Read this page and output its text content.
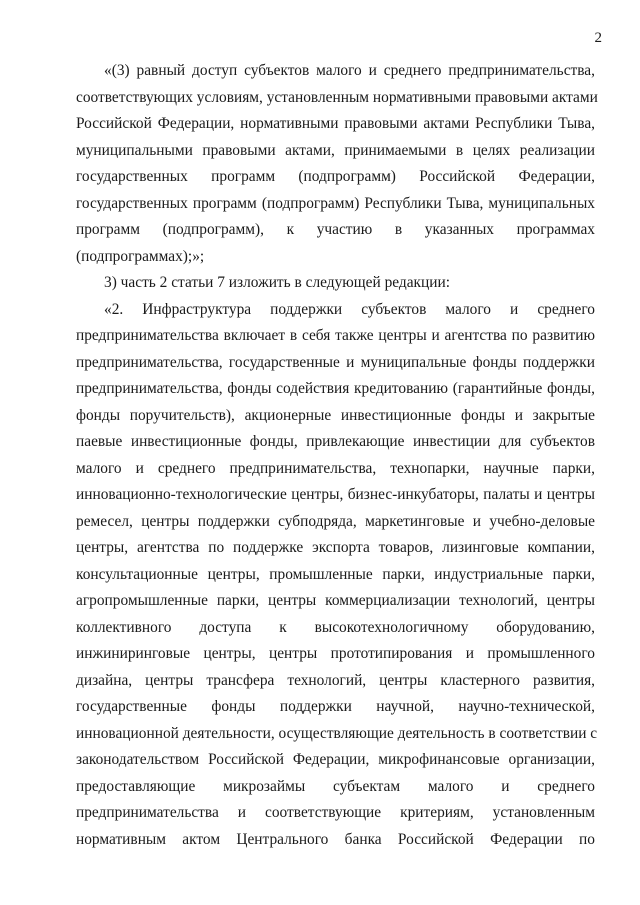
2
«(3) равный доступ субъектов малого и среднего предпринимательства,
соответствующих условиям, установленным нормативными правовыми актами
Российской Федерации, нормативными правовыми актами Республики Тыва,
муниципальными правовыми актами, принимаемыми в целях реализации
государственных программ (подпрограмм) Российской Федерации,
государственных программ (подпрограмм) Республики Тыва, муниципальных
программ (подпрограмм), к участию в указанных программах
(подпрограммах);»;
3) часть 2 статьи 7 изложить в следующей редакции:
«2. Инфраструктура поддержки субъектов малого и среднего
предпринимательства включает в себя также центры и агентства по развитию
предпринимательства, государственные и муниципальные фонды поддержки
предпринимательства, фонды содействия кредитованию (гарантийные фонды,
фонды поручительств), акционерные инвестиционные фонды и закрытые
паевые инвестиционные фонды, привлекающие инвестиции для субъектов
малого и среднего предпринимательства, технопарки, научные парки,
инновационно-технологические центры, бизнес-инкубаторы, палаты и центры
ремесел, центры поддержки субподряда, маркетинговые и учебно-деловые
центры, агентства по поддержке экспорта товаров, лизинговые компании,
консультационные центры, промышленные парки, индустриальные парки,
агропромышленные парки, центры коммерциализации технологий, центры
коллективного доступа к высокотехнологичному оборудованию,
инжиниринговые центры, центры прототипирования и промышленного
дизайна, центры трансфера технологий, центры кластерного развития,
государственные фонды поддержки научной, научно-технической,
инновационной деятельности, осуществляющие деятельность в соответствии с
законодательством Российской Федерации, микрофинансовые организации,
предоставляющие микрозаймы субъектам малого и среднего
предпринимательства и соответствующие критериям, установленным
нормативным актом Центрального банка Российской Федерации по
